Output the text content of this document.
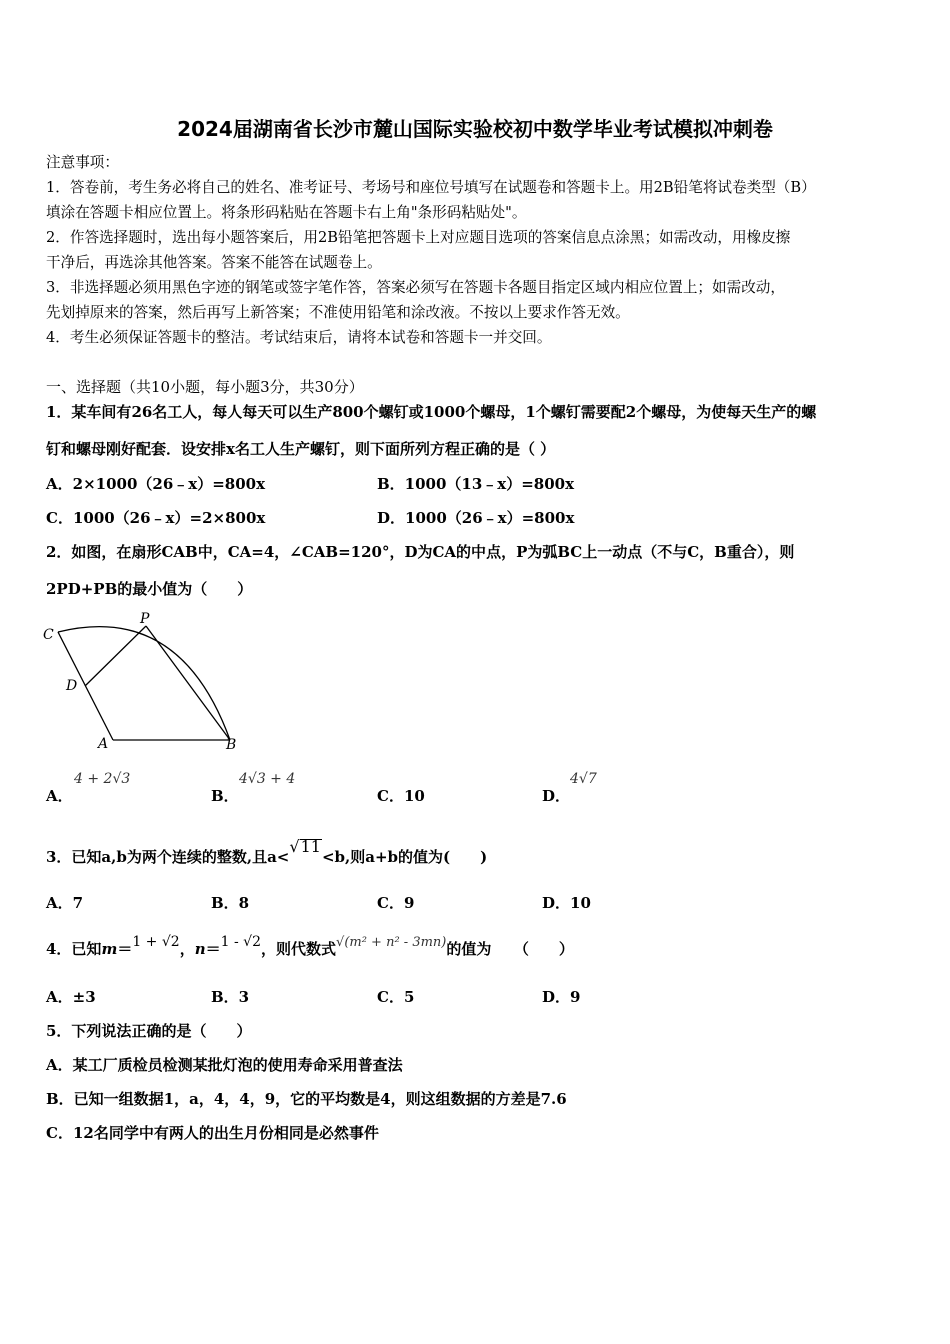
2024届湖南省长沙市麓山国际实验校初中数学毕业考试模拟冲刺卷
注意事项：
1．答卷前，考生务必将自己的姓名、准考证号、考场号和座位号填写在试题卷和答题卡上。用2B铅笔将试卷类型（B）
填涂在答题卡相应位置上。将条形码粘贴在答题卡右上角"条形码粘贴处"。
2．作答选择题时，选出每小题答案后，用2B铅笔把答题卡上对应题目选项的答案信息点涂黑；如需改动，用橡皮擦
干净后，再选涂其他答案。答案不能答在试题卷上。
3．非选择题必须用黑色字迹的钢笔或签字笔作答，答案必须写在答题卡各题目指定区域内相应位置上；如需改动，
先划掉原来的答案，然后再写上新答案；不准使用铅笔和涂改液。不按以上要求作答无效。
4．考生必须保证答题卡的整洁。考试结束后，请将本试卷和答题卡一并交回。
一、选择题（共10小题，每小题3分，共30分）
1．某车间有26名工人，每人每天可以生产800个螺钉或1000个螺母，1个螺钉需要配2个螺母，为使每天生产的螺
钉和螺母刚好配套．设安排x名工人生产螺钉，则下面所列方程正确的是（ ）
A．2×1000（26﹣x）=800x	B．1000（13﹣x）=800x
C．1000（26﹣x）=2×800x	D．1000（26﹣x）=800x
2．如图，在扇形CAB中，CA=4，∠CAB=120°，D为CA的中点，P为弧BC上一动点（不与C，B重合），则
2PD+PB的最小值为（　　）
C
P
D
A	B
A．
4 + 2√3
B．
4√3 + 4
C．10	D．
4√7
3．已知a,b为两个连续的整数,且a<√11<b,则a+b的值为(　　)
A．7	B．8	C．9	D．10
4．已知m＝1 + √2，n＝1 - √2，则代数式√(m² + n² - 3mn)的值为　　（　　）
A．±3	B．3	C．5	D．9
5．下列说法正确的是（　　）
A．某工厂质检员检测某批灯泡的使用寿命采用普查法
B．已知一组数据1，a，4，4，9，它的平均数是4，则这组数据的方差是7.6
C．12名同学中有两人的出生月份相同是必然事件
